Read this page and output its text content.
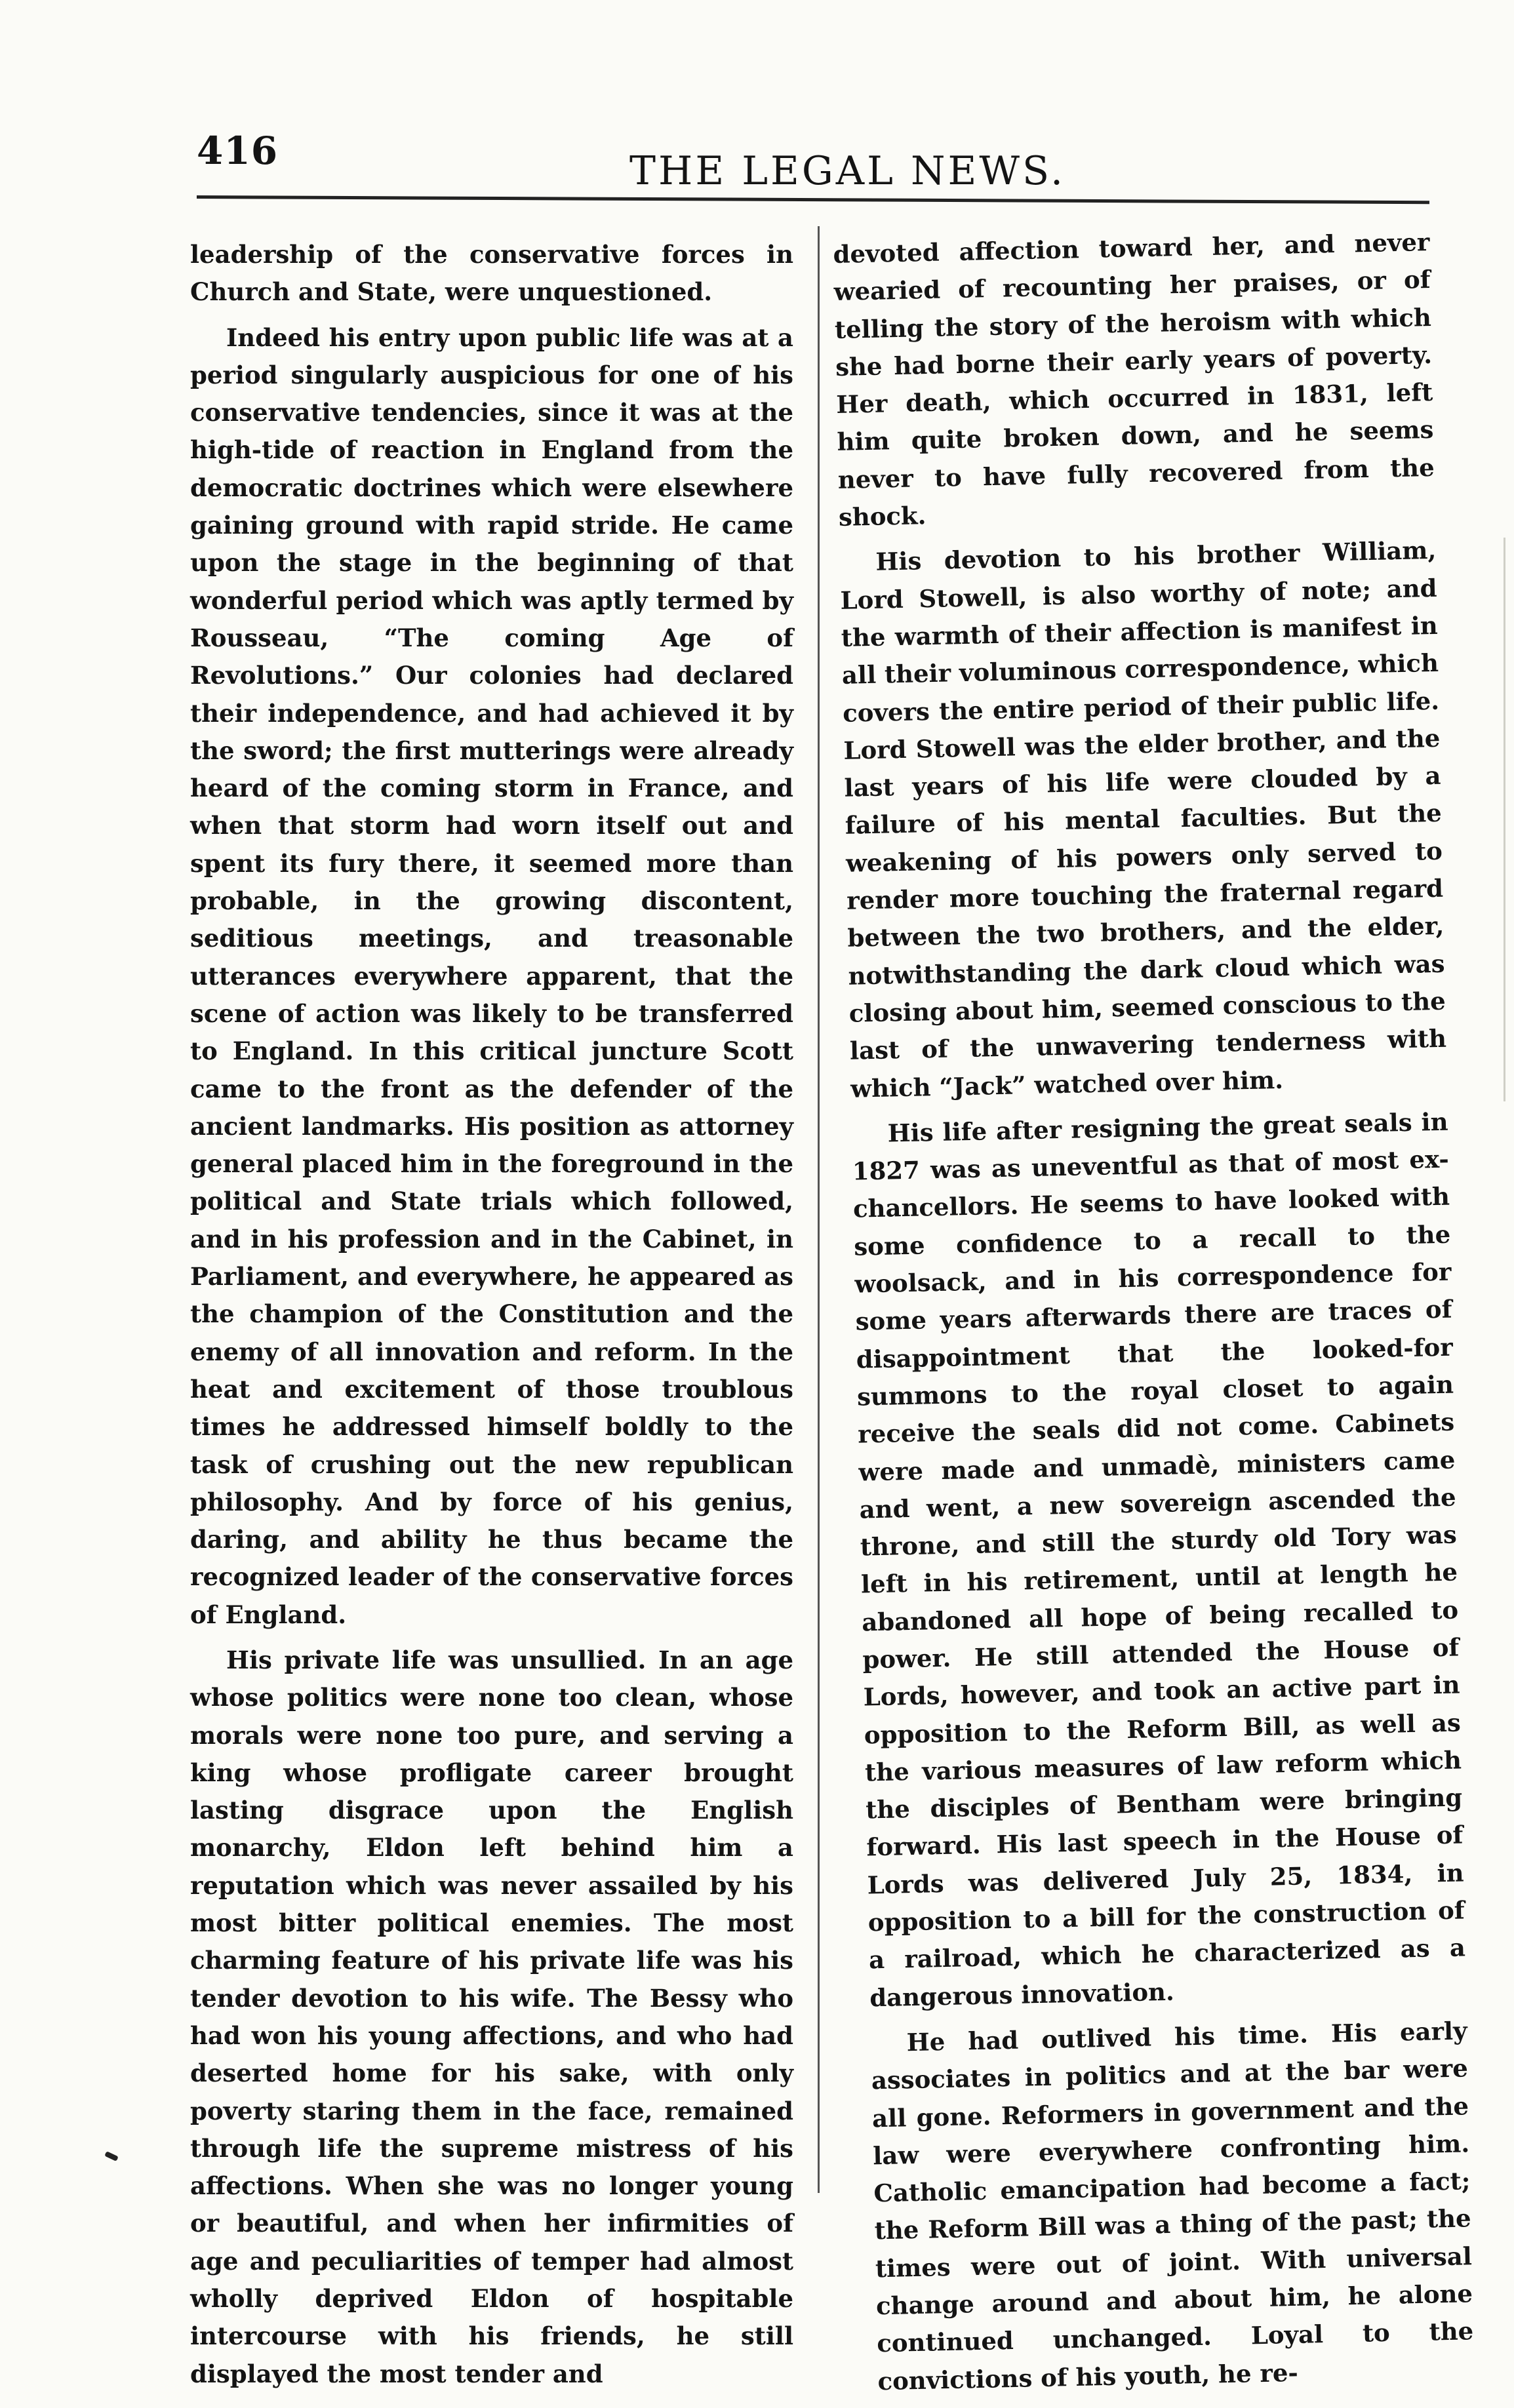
416	THE LEGAL NEWS.

leadership of the conservative forces in Church and State, were unquestioned.

Indeed his entry upon public life was at a period singularly auspicious for one of his conservative tendencies, since it was at the high-tide of reaction in England from the democratic doctrines which were elsewhere gaining ground with rapid stride. He came upon the stage in the beginning of that wonderful period which was aptly termed by Rousseau, “The coming Age of Revolutions.” Our colonies had declared their independence, and had achieved it by the sword; the first mutterings were already heard of the coming storm in France, and when that storm had worn itself out and spent its fury there, it seemed more than probable, in the growing discontent, seditious meetings, and treasonable utterances everywhere apparent, that the scene of action was likely to be transferred to England. In this critical juncture Scott came to the front as the defender of the ancient landmarks. His position as attorney general placed him in the foreground in the political and State trials which followed, and in his profession and in the Cabinet, in Parliament, and everywhere, he appeared as the champion of the Constitution and the enemy of all innovation and reform. In the heat and excitement of those troublous times he addressed himself boldly to the task of crushing out the new republican philosophy. And by force of his genius, daring, and ability he thus became the recognized leader of the conservative forces of England.

His private life was unsullied. In an age whose politics were none too clean, whose morals were none too pure, and serving a king whose profligate career brought lasting disgrace upon the English monarchy, Eldon left behind him a reputation which was never assailed by his most bitter political enemies. The most charming feature of his private life was his tender devotion to his wife. The Bessy who had won his young affections, and who had deserted home for his sake, with only poverty staring them in the face, remained through life the supreme mistress of his affections. When she was no longer young or beautiful, and when her infirmities of age and peculiarities of temper had almost wholly deprived Eldon of hospitable intercourse with his friends, he still displayed the most tender and

devoted affection toward her, and never wearied of recounting her praises, or of telling the story of the heroism with which she had borne their early years of poverty. Her death, which occurred in 1831, left him quite broken down, and he seems never to have fully recovered from the shock.

His devotion to his brother William, Lord Stowell, is also worthy of note; and the warmth of their affection is manifest in all their voluminous correspondence, which covers the entire period of their public life. Lord Stowell was the elder brother, and the last years of his life were clouded by a failure of his mental faculties. But the weakening of his powers only served to render more touching the fraternal regard between the two brothers, and the elder, notwithstanding the dark cloud which was closing about him, seemed conscious to the last of the unwavering tenderness with which “Jack” watched over him.

His life after resigning the great seals in 1827 was as uneventful as that of most ex-chancellors. He seems to have looked with some confidence to a recall to the woolsack, and in his correspondence for some years afterwards there are traces of disappointment that the looked-for summons to the royal closet to again receive the seals did not come. Cabinets were made and unmadè, ministers came and went, a new sovereign ascended the throne, and still the sturdy old Tory was left in his retirement, until at length he abandoned all hope of being recalled to power. He still attended the House of Lords, however, and took an active part in opposition to the Reform Bill, as well as the various measures of law reform which the disciples of Bentham were bringing forward. His last speech in the House of Lords was delivered July 25, 1834, in opposition to a bill for the construction of a railroad, which he characterized as a dangerous innovation.

He had outlived his time. His early associates in politics and at the bar were all gone. Reformers in government and the law were everywhere confronting him. Catholic emancipation had become a fact; the Reform Bill was a thing of the past; the times were out of joint. With universal change around and about him, he alone continued unchanged. Loyal to the convictions of his youth, he re-
